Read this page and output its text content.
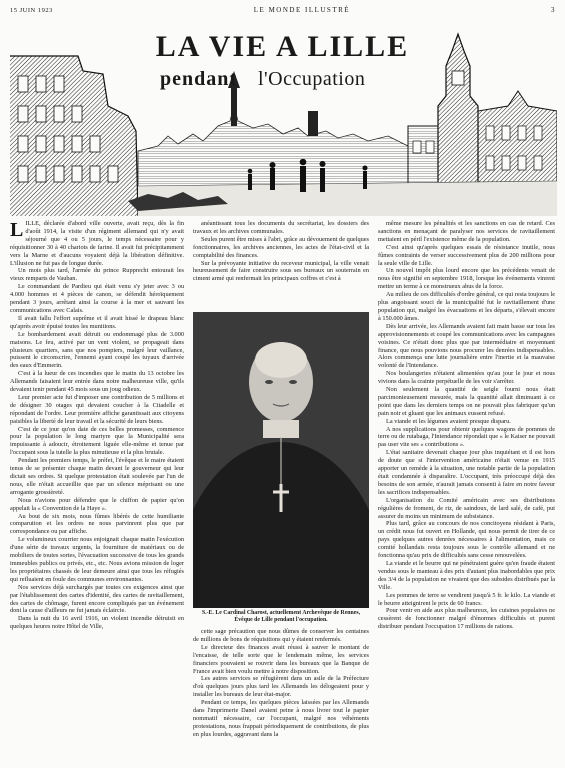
15 JUIN 1923	LE MONDE ILLUSTRÉ	3
LA VIE A LILLE
pendant l'Occupation
L ILLE, déclarée d'abord ville ouverte, avait reçu, dès la fin d'août 1914, la visite d'un régiment allemand qui n'y avait séjourné que 4 ou 5 jours, le temps nécessaire pour y réquisitionner 30 à 40 chariots de farine. Il avait fui précipitamment vers la Marne et d'aucuns voyaient déjà la libération définitive. L'illusion ne fut pas de longue durée.

Un mois plus tard, l'armée du prince Rupprecht entourait les vieux remparts de Vauban.

Le commandant de Pardieu qui était venu s'y jeter avec 3 ou 4.000 hommes et 4 pièces de canon, se défendit héroïquement pendant 3 jours, arrêtant ainsi la course à la mer et sauvant les communications avec Calais.

Il avait fallu l'effort suprême et il avait hissé le drapeau blanc qu'après avoir épuisé toutes les munitions.

Le bombardement avait détruit ou endommagé plus de 3.000 maisons. Le feu, activé par un vent violent, se propageait dans plusieurs quartiers, sans que nos pompiers, malgré leur vaillance, puissent le circonscrire, l'ennemi ayant coupé les tuyaux d'arrivée des eaux d'Emmerin.

C'est à la lueur de ces incendies que le matin du 13 octobre les Allemands faisaient leur entrée dans notre malheureuse ville, qu'ils devaient tenir pendant 45 mois sous un joug odieux.

Leur premier acte fut d'imposer une contribution de 5 millions et de désigner 30 otages qui devaient coucher à la Citadelle et répondant de l'ordre. Leur première affiche garantissait aux citoyens paisibles la liberté de leur travail et la sécurité de leurs biens.

C'est de ce jour qu'on date de ces belles promesses, commence pour la population le long martyre que la Municipalité sera impuissante à adoucir, étroitement liguée elle-même et tenue par l'occupant sous la tutelle la plus minutieuse et la plus brutale.

Pendant les premiers temps, le préfet, l'évêque et le maire étaient tenus de se présenter chaque matin devant le gouverneur qui leur dictait ses ordres. Si quelque protestation était soulevée par l'un de nous, elle n'était accueillie que par un silence méprisant ou une arrogante grossièreté.

Nous n'avions pour défendre que le chiffon de papier qu'on appelait la « Convention de la Haye ».

Au bout de six mois, nous fûmes libérés de cette humiliante comparution et les ordres ne nous parvinrent plus que par correspondance ou par affiche.

Le volumineux courrier nous enjoignait chaque matin l'exécution d'une série de travaux urgents, la fourniture de matériaux ou de mobiliers de toutes sortes, l'évacuation successive de tous les grands immeubles publics ou privés, etc., etc. Nous avions mission de loger les propriétaires chassés de leur demeure ainsi que tous les réfugiés qui refluaient en foule des communes environnantes.

Nos services déjà surchargés par toutes ces exigences ainsi que par l'établissement des cartes d'identité, des cartes de ravitaillement, des cartes de chômage, furent encore compliqués par un événement dont la cause d'ailleurs ne fut jamais éclaircie.

Dans la nuit du 16 avril 1916, un violent incendie détruisit en quelques heures notre Hôtel de Ville,

anéantissant tous les documents du secrétariat, les dossiers des travaux et les archives communales.

Seules purent être mises à l'abri, grâce au dévouement de quelques fonctionnaires, les archives anciennes, les actes de l'état-civil et la comptabilité des finances.

Sur la prévoyante initiative du receveur municipal, la ville venait heureusement de faire construire sous ses bureaux un souterrain en ciment armé qui renfermait les principaux coffres et c'est à

S.-E. Le Cardinal Charost, actuellement Archevêque de Rennes, Évêque de Lille pendant l'occupation.

cette sage précaution que nous dûmes de conserver les centaines de millions de bons de réquisitions qui y étaient renfermés.

Le directeur des finances avait réussi à sauver le montant de l'encaisse, de telle sorte que le lendemain même, les services financiers pouvaient se rouvrir dans les bureaux que la Banque de France avait bien voulu mettre à notre disposition.

Les autres services se réfugièrent dans un asile de la Préfecture d'où quelques jours plus tard les Allemands les délogeaient pour y installer les bureaux de leur état-major.

Pendant ce temps, les quelques pièces laissées par les Allemands dans l'imprimerie Danel avaient peine à nous livrer tout le papier nommatif nécessaire, car l'occupant, malgré nos véhéments protestations, nous frappait périodiquement de contributions, de plus en plus lourdes, aggravant dans la

même mesure les pénalités et les sanctions en cas de retard. Ces sanctions en menaçant de paralyser nos services de ravitaillement mettaient en péril l'existence même de la population.

C'est ainsi qu'après quelques essais de résistance inutile, nous fûmes contraints de verser successivement plus de 200 millions pour la seule ville de Lille.

Un nouvel impôt plus lourd encore que les précédents venait de nous être signifié en septembre 1918, lorsque les événements vinrent mettre un terme à ce monstrueux abus de la force.

Au milieu de ces difficultés d'ordre général, ce qui resta toujours le plus angoissant souci de la municipalité fut le ravitaillement d'une population qui, malgré les évacuations et les départs, s'élevait encore à 150.000 âmes.

Dès leur arrivée, les Allemands avaient fait main basse sur tous les approvisionnements et coupé les communications avec les campagnes voisines. Ce n'était donc plus que par intermédiaire et moyennant finance, que nous pouvions nous procurer les denrées indispensables. Alors commença une lutte journalière entre l'inertie et la mauvaise volonté de l'Intendance.

Nos boulangeries n'étaient alimentées qu'au jour le jour et nous vivions dans la crainte perpétuelle de les voir s'arrêter.

Non seulement la quantité de seigle fourni nous était parcimonieusement mesurée, mais la quantité allait diminuant à ce point que dans les derniers temps on ne pouvait plus fabriquer qu'un pain noir et gluant que les animaux eussent refusé.

La viande et les légumes avaient presque disparu.

A nos supplications pour obtenir quelques wagons de pommes de terre ou de rutabaga, l'Intendance répondait que « le Kaiser ne pouvait pas user vite ses « contributions ».

L'état sanitaire devenait chaque jour plus inquiétant et il est hors de doute que si l'intervention américaine n'était venue en 1915 apporter un remède à la situation, une notable partie de la population était condamnée à disparaître. L'occupant, très préoccupé déjà des besoins de son armée, n'aurait jamais consenti à faire en notre faveur les sacrifices indispensables.

L'organisation du Comité américain avec ses distributions régulières de froment, de riz, de saindoux, de lard salé, de café, put assurer du moins un minimum de subsistance.

Plus tard, grâce au concours de nos concitoyens résidant à Paris, un crédit nous fut ouvert en Hollande, qui nous permit de tirer de ce pays quelques autres denrées nécessaires à l'alimentation, mais ce comité hollandais resta toujours sous le contrôle allemand et ne fonctionna qu'au prix de difficultés sans cesse renouvelées.

La viande et le beurre qui ne pénétraient guère qu'en fraude étaient vendus sous le manteau à des prix d'autant plus inabordables que prix des 3/4 de la population ne vivaient que des subsides distribués par la Ville.

Les pommes de terre se vendirent jusqu'à 5 fr. le kilo. La viande et le beurre atteignirent le prix de 60 francs.

Pour venir en aide aux plus malheureux, les cuisines populaires ne cessèrent de fonctionner malgré d'énormes difficultés et purent distribuer pendant l'occupation 17 millions de rations.
